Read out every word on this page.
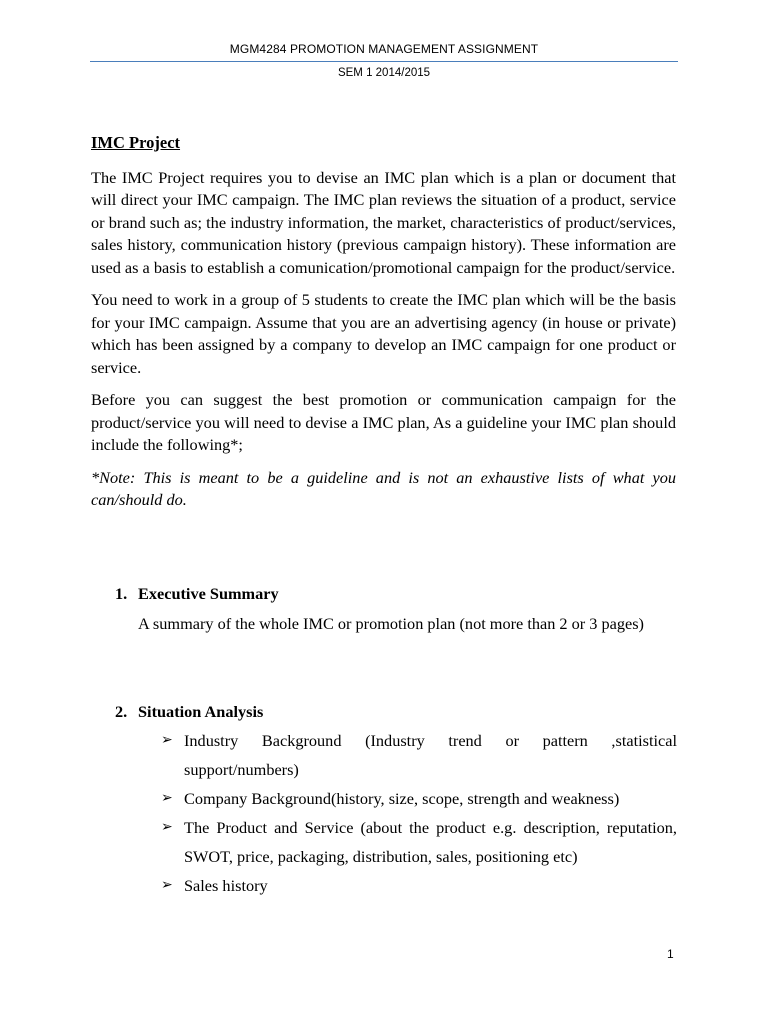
MGM4284 PROMOTION MANAGEMENT ASSIGNMENT
SEM 1 2014/2015
IMC Project

The IMC Project requires you to devise an IMC plan which is a plan or document that will direct your IMC campaign. The IMC plan reviews the situation of a product, service or brand such as; the industry information, the market, characteristics of product/services, sales history, communication history (previous campaign history). These information are used as a basis to establish a comunication/promotional campaign for the product/service.

You need to work in a group of 5 students to create the IMC plan which will be the basis for your IMC campaign. Assume that you are an advertising agency (in house or private) which has been assigned by a company to develop an IMC campaign for one product or service.

Before you can suggest the best promotion or communication campaign for the product/service you will need to devise a IMC plan, As a guideline your IMC plan should include the following*;

*Note: This is meant to be a guideline and is not an exhaustive lists of what you can/should do.

1. Executive Summary
A summary of the whole IMC or promotion plan (not more than 2 or 3 pages)
2. Situation Analysis
➢ Industry Background (Industry trend or pattern ,statistical support/numbers)
➢ Company Background(history, size, scope, strength and weakness)
➢ The Product and Service (about the product e.g. description, reputation, SWOT, price, packaging, distribution, sales, positioning etc)
➢ Sales history
1
